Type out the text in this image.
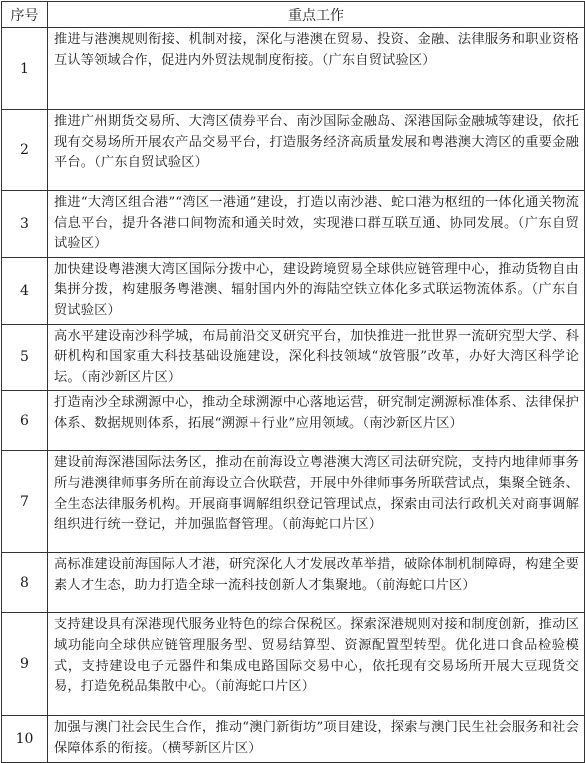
序号	重点工作
1	推进与港澳规则衔接、机制对接，深化与港澳在贸易、投资、金融、法律服务和职业资格互认等领域合作，促进内外贸法规制度衔接。（广东自贸试验区）
2	推进广州期货交易所、大湾区债券平台、南沙国际金融岛、深港国际金融城等建设，依托现有交易场所开展农产品交易平台，打造服务经济高质量发展和粤港澳大湾区的重要金融平台。（广东自贸试验区）
3	推进“大湾区组合港”“湾区一港通”建设，打造以南沙港、蛇口港为枢纽的一体化通关物流信息平台，提升各港口间物流和通关时效，实现港口群互联互通、协同发展。（广东自贸试验区）
4	加快建设粤港澳大湾区国际分拨中心，建设跨境贸易全球供应链管理中心，推动货物自由集拼分拨，构建服务粤港澳、辐射国内外的海陆空铁立体化多式联运物流体系。（广东自贸试验区）
5	高水平建设南沙科学城，布局前沿交叉研究平台，加快推进一批世界一流研究型大学、科研机构和国家重大科技基础设施建设，深化科技领域“放管服”改革，办好大湾区科学论坛。（南沙新区片区）
6	打造南沙全球溯源中心，推动全球溯源中心落地运营，研究制定溯源标准体系、法律保护体系、数据规则体系，拓展“溯源＋行业”应用领域。（南沙新区片区）
7	建设前海深港国际法务区，推动在前海设立粤港澳大湾区司法研究院，支持内地律师事务所与港澳律师事务所在前海设立合伙联营，开展中外律师事务所联营试点，集聚全链条、全生态法律服务机构。开展商事调解组织登记管理试点，探索由司法行政机关对商事调解组织进行统一登记，并加强监督管理。（前海蛇口片区）
8	高标准建设前海国际人才港，研究深化人才发展改革举措，破除体制机制障碍，构建全要素人才生态，助力打造全球一流科技创新人才集聚地。（前海蛇口片区）
9	支持建设具有深港现代服务业特色的综合保税区。探索深港规则对接和制度创新，推动区域功能向全球供应链管理服务型、贸易结算型、资源配置型转型。优化进口食品检验模式，支持建设电子元器件和集成电路国际交易中心，依托现有交易场所开展大豆现货交易，打造免税品集散中心。（前海蛇口片区）
10	加强与澳门社会民生合作，推动“澳门新街坊”项目建设，探索与澳门民生社会服务和社会保障体系的衔接。（横琴新区片区）
